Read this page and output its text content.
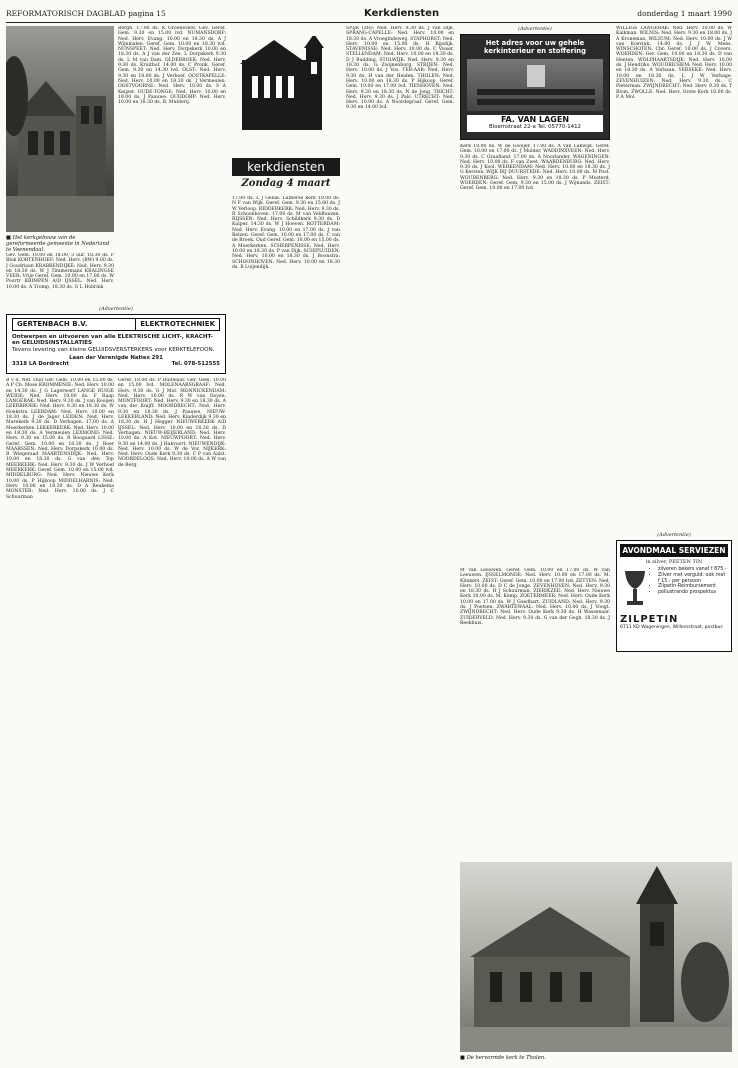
REFORMATORISCH DAGBLAD pagina 15	Kerkdiensten	donderdag 1 maart 1990
■ Het kerkgebouw van de gereformeerde gemeente in Nederland te Veenendaal.

Gev. Gem. 10.00 en 18.00, 3 uur. 18.30 ds. P Blok KORTENHOEF: Ned. Herv. (BW) 9.00 ds. J Goudriaan KRABBENDIJKE: Ned. Herv. 9.30 en 18.30 ds. W J Timmermans KRALINGSE VEER: Vrije Geref. Gem. 10.00 en 17.00 ds. W Poortr KRIMPEN A/D IJSSEL: Ned. Herv. 10.00 ds. A Tromp, 18.30 ds. G L Hobrink

Bergh, 17.00 ds. K Groeneveld. Gev. Geref. Gem. 9.30 en 15.00 lvd. NUMANSDORP: Ned. Herv. Evang. 10.00 en 18.30 ds. A J Wijnmalen. Geref. Gem. 10.00 en 18.30 lvd. NUNSPEET: Ned. Herv. Dorpskerk 10.00 en 18.30 ds. A J van der Zee. L Dorpskerk 9.30 ds. L M van Dam. OLDEBROEK: Ned. Herv. 9.30 ds. Kruithof. 14.00 ds. C Pronk. Geref. Gem. 9.30 en 14.30 lvd. OLST: Ned. Herv. 9.30 en 18.00 ds. J Verhoef. OOSTKAPELLE: Ned. Herv. 10.00 en 18.30 ds. J Vermeulen. OOSTVOORNE: Ned. Herv. 10.00 ds. S A Keijzer. OUDE-TONGE: Ned. Herv. 10.00 en 18.00 ds. J Paauwe. OUDDORP: Ned. Herv. 10.00 en 18.30 ds. B. Mulderij.

(Advertentie)
GERTENBACH B.V.	ELEKTROTECHNIEK
Ontwerpen en uitvoeren van alle ELEKTRISCHE LICHT-, KRACHT- en GELUIDSINSTALLATIES
Tevens levering van kleine GELUIDSVERSTERKERS voor KERKTELEFOON.
Laan der Verenigde Naties 291
3318 LA Dordrecht	Tel. 078-512555

B v d. Net. Oud Ger. Gem. 10.00 en 15.00 ds. A P Ch. Mose KROMMENIE: Ned. Herv. 10.00 en 14.30 ds. J G Lagerwerf LANGE RUIGE WEIDE: Ned. Herv. 10.00 ds. F Raap LANGERAK: Ned. Herv. 9.30 ds. J van Rooijen LEERBROEK: Ned. Herv. 9.30 en 18.30 ds. W Hoekstra LEERDAM: Ned. Herv. 10.00 en 18.30 ds. J de Jager LEIDEN: Ned. Herv. Marekerk 9.30 ds. D Verhagen. 17.00 ds. A Moerkerken LEKKERKERK: Ned. Herv. 10.00 en 18.30 ds. A Vermeulen LEXMOND: Ned. Herv. 9.30 en 15.00 ds. R Boogaard LISSE: Geref. Gem. 10.00 en 18.30 ds. J Boer MAARSSEN: Ned. Herv. Dorpskerk 10.00 ds. B Wiegeraad MAARTENSDIJK: Ned. Herv. 10.00 en 18.30 ds. G van den Top MEERKERK: Ned. Herv. 9.30 ds. J W Verhoef MEERKERK: Geref. Gem. 10.00 en 15.00 lvd. MIDDELBURG: Ned. Herv. Nieuwe Kerk 10.00 ds. P Hijkoop MIDDELHARNIS: Ned. Herv. 10.00 en 18.30 ds. D A Reukema MONSTER: Ned. Herv. 10.00 ds. J C Schuurman

Geref. 18.00 ds. P Buitelaar. Ger. Gem. 10.00 en 15.00 lvd. MOLENAARSGRAAF: Ned. Herv. 9.30 ds. G J Mol. MONNICKENDAM: Ned. Herv. 10.00 ds. R W van Ooyen. MONTFOORT: Ned. Herv. 9.30 en 18.30 ds. A van der Knijff. MOORDRECHT: Ned. Herv. 9.30 en 18.30 ds. J Paauwe. NIEUW-LEKKERLAND: Ned. Herv. Kinderdijk 9.30 en 18.30 ds. H J Hegger. NIEUWERKERK A/D IJSSEL: Ned. Herv. 10.00 en 18.30 ds. D Verhagen. NIEUW-BEIJERLAND: Ned. Herv. 10.00 ds. A Kot. NIEUWPOORT: Ned. Herv. 9.30 en 14.00 ds. J Hakvoort. NIEUWENDIJK: Ned. Herv. 10.00 ds. W de Vor. NIJKERK: Ned. Herv. Oude Kerk 9.30 ds. C P van Aalst. NOORDELOOS: Ned. Herv. 10.00 ds. A W van de Berg.

kerkdiensten
Zondag 4 maart

17.00 ds. L J Geluk. Lutherse kerk 10.00 ds. N F van Wijk. Geref. Gem. 9.30 en 15.00 ds. J W Verloop. RIDDERKERK: Ned. Herv. 9.30 ds. R Schoonhoven. 17.00 ds. M van Veldhuizen. RIJSSEN: Ned. Herv. Schildkerk 9.30 ds. D Kuiper. 14.30 ds. W J Hoeven. ROTTERDAM: Ned. Herv. Evang. 10.00 en 17.00 ds. J van Belzen. Geref. Gem. 10.00 en 17.00 ds. C van de Broek. Oud Geref. Gem. 10.00 en 15.00 ds. A Moerkerken. SCHERPENISSE: Ned. Herv. 10.00 en 18.30 ds. P van Dijk. SCHIPLUIDEN: Ned. Herv. 10.00 en 18.30 ds. J Boonstra. SCHOONHOVEN: Ned. Herv. 10.00 en 18.30 ds. B Luijendijk.

SPIJK (ZH): Ned. Herv. 9.30 ds. J van Dijk. SPRANG-CAPELLE: Ned. Herv. 10.00 en 18.30 ds. A Vroegindeweij. STAPHORST: Ned. Herv. 10.00 en 15.00 ds. H Rijsdijk. STAVENISSE: Ned. Herv. 10.00 ds. C Visser. STELLENDAM: Ned. Herv. 10.00 en 18.30 ds. D J Budding. STOLWIJK: Ned. Herv. 9.30 en 18.30 ds. G Zwijnenburg. STRIJEN: Ned. Herv. 10.00 ds. J Vos. TER-AAR: Ned. Herv. 9.30 ds. H van der Heiden. THOLEN: Ned. Herv. 10.00 en 18.30 ds. P Hijkoop. Geref. Gem. 10.00 en 17.00 lvd. TIENHOVEN: Ned. Herv. 9.30 en 18.30 ds. N de Jong. TRICHT: Ned. Herv. 9.30 ds. J Pals. UTRECHT: Ned. Herv. 10.00 ds. A Noordegraaf. Geref. Gem. 9.30 en 14.00 lvd.

(Advertentie)
Het adres voor uw gehele kerkinterieur en stoffering
FA. VAN LAGEN
Bloemstraat 22-a Tel. 05770-1412

Kerk 10.00 ds. W de Gooijer. 17.00 ds. A van Lakwijk. Geref. Gem. 10.00 en 17.00 ds. J Mulder. WADDINXVEEN: Ned. Herv. 9.30 ds. C Graafland. 17.00 ds. A Noorlander. WAGENINGEN: Ned. Herv. 10.00 ds. F van Zwet. WAARDENBURG: Ned. Herv. 9.30 ds. J Kool. WERKENDAM: Ned. Herv. 10.00 en 18.30 ds. J G Kersten. WIJK BIJ DUURSTEDE: Ned. Herv. 10.00 ds. M Post. WOUDENBERG: Ned. Herv. 9.30 en 18.30 ds. P Mosterd. WOERDEN: Geref. Gem. 9.30 en 15.00 ds. J Wijnands. ZEIST: Geref. Gem. 10.00 en 17.00 lvd.

WILLIGE LANGERAK: Ned. Herv. 10.00 ds. W Kalkman. WILNIS: Ned. Herv. 9.30 en 18.00 ds. J A Kroneman. WILSUM: Ned. Herv. 10.00 ds. J W van Koevink. 14.00 ds. J J W. Mens. WINSCHOTEN: Chr. Geref. 10.00 ds. J Covers. WOERDEN: Ger. Gem. 10.00 en 18.30 ds. D van Henten. WOLPHAARTSDIJK: Ned. Herv. 10.00 ds. J Hendriks. WOUDRICHEM: Ned. Herv. 10.00 en 18.30 ds. A Verbaan. YERSEKE: Ned. Herv. 10.00 en 18.30 ds. L J W Verhage. ZEVENHUIZEN: Ned. Herv. 9.30 ds. C Pieterman. ZWIJNDRECHT: Ned. Herv. 9.30 ds. T Blom. ZWOLLE: Ned. Herv. Grote Kerk 10.00 ds. P A Mol.

(Advertentie)
AVONDMAAL SERVIEZEN
in zilver, PEETEN TIN
• zilveren bekers vanaf f 875,-
• Zilver met verguld: ook met f 15,- per persoon
• Zilpetin-Reimbursement
• pollustrando prospektus
ZILPETIN
6711 KD Wageningen, Willemstraat, postbus

M van Leeuwen. Geref. Gem. 10.00 en 17.00 ds. W van Leeuwen. IJSSELMONDE: Ned. Herv. 10.00 en 17.00 ds. M. Klinkers. ZEIST: Geref. Gem. 10.00 en 17.00 lvd. ZETTEN: Ned. Herv. 10.00 ds. D C de Jonge. ZEVENHOVEN: Ned. Herv. 9.30 en 18.30 ds. H J Schuurman. ZIERIKZEE: Ned. Herv. Nieuwe Kerk 10.00 ds. M. Kemp. ZOETERMEER: Ned. Herv. Oude Kerk 10.00 en 17.00 ds. W J Goedhart. ZUIDLAND: Ned. Herv. 9.30 ds. J Poetsen. ZWARTEWAAL: Ned. Herv. 10.00 ds. J Voogt. ZWIJNDRECHT: Ned. Herv. Oude Kerk 9.30 ds. H Wassenaar. ZUIDERVELD: Ned. Herv. 9.30 ds. G van der Gogh. 18.30 ds. J Beekhuis.

■ De hervormde kerk te Tholen.
